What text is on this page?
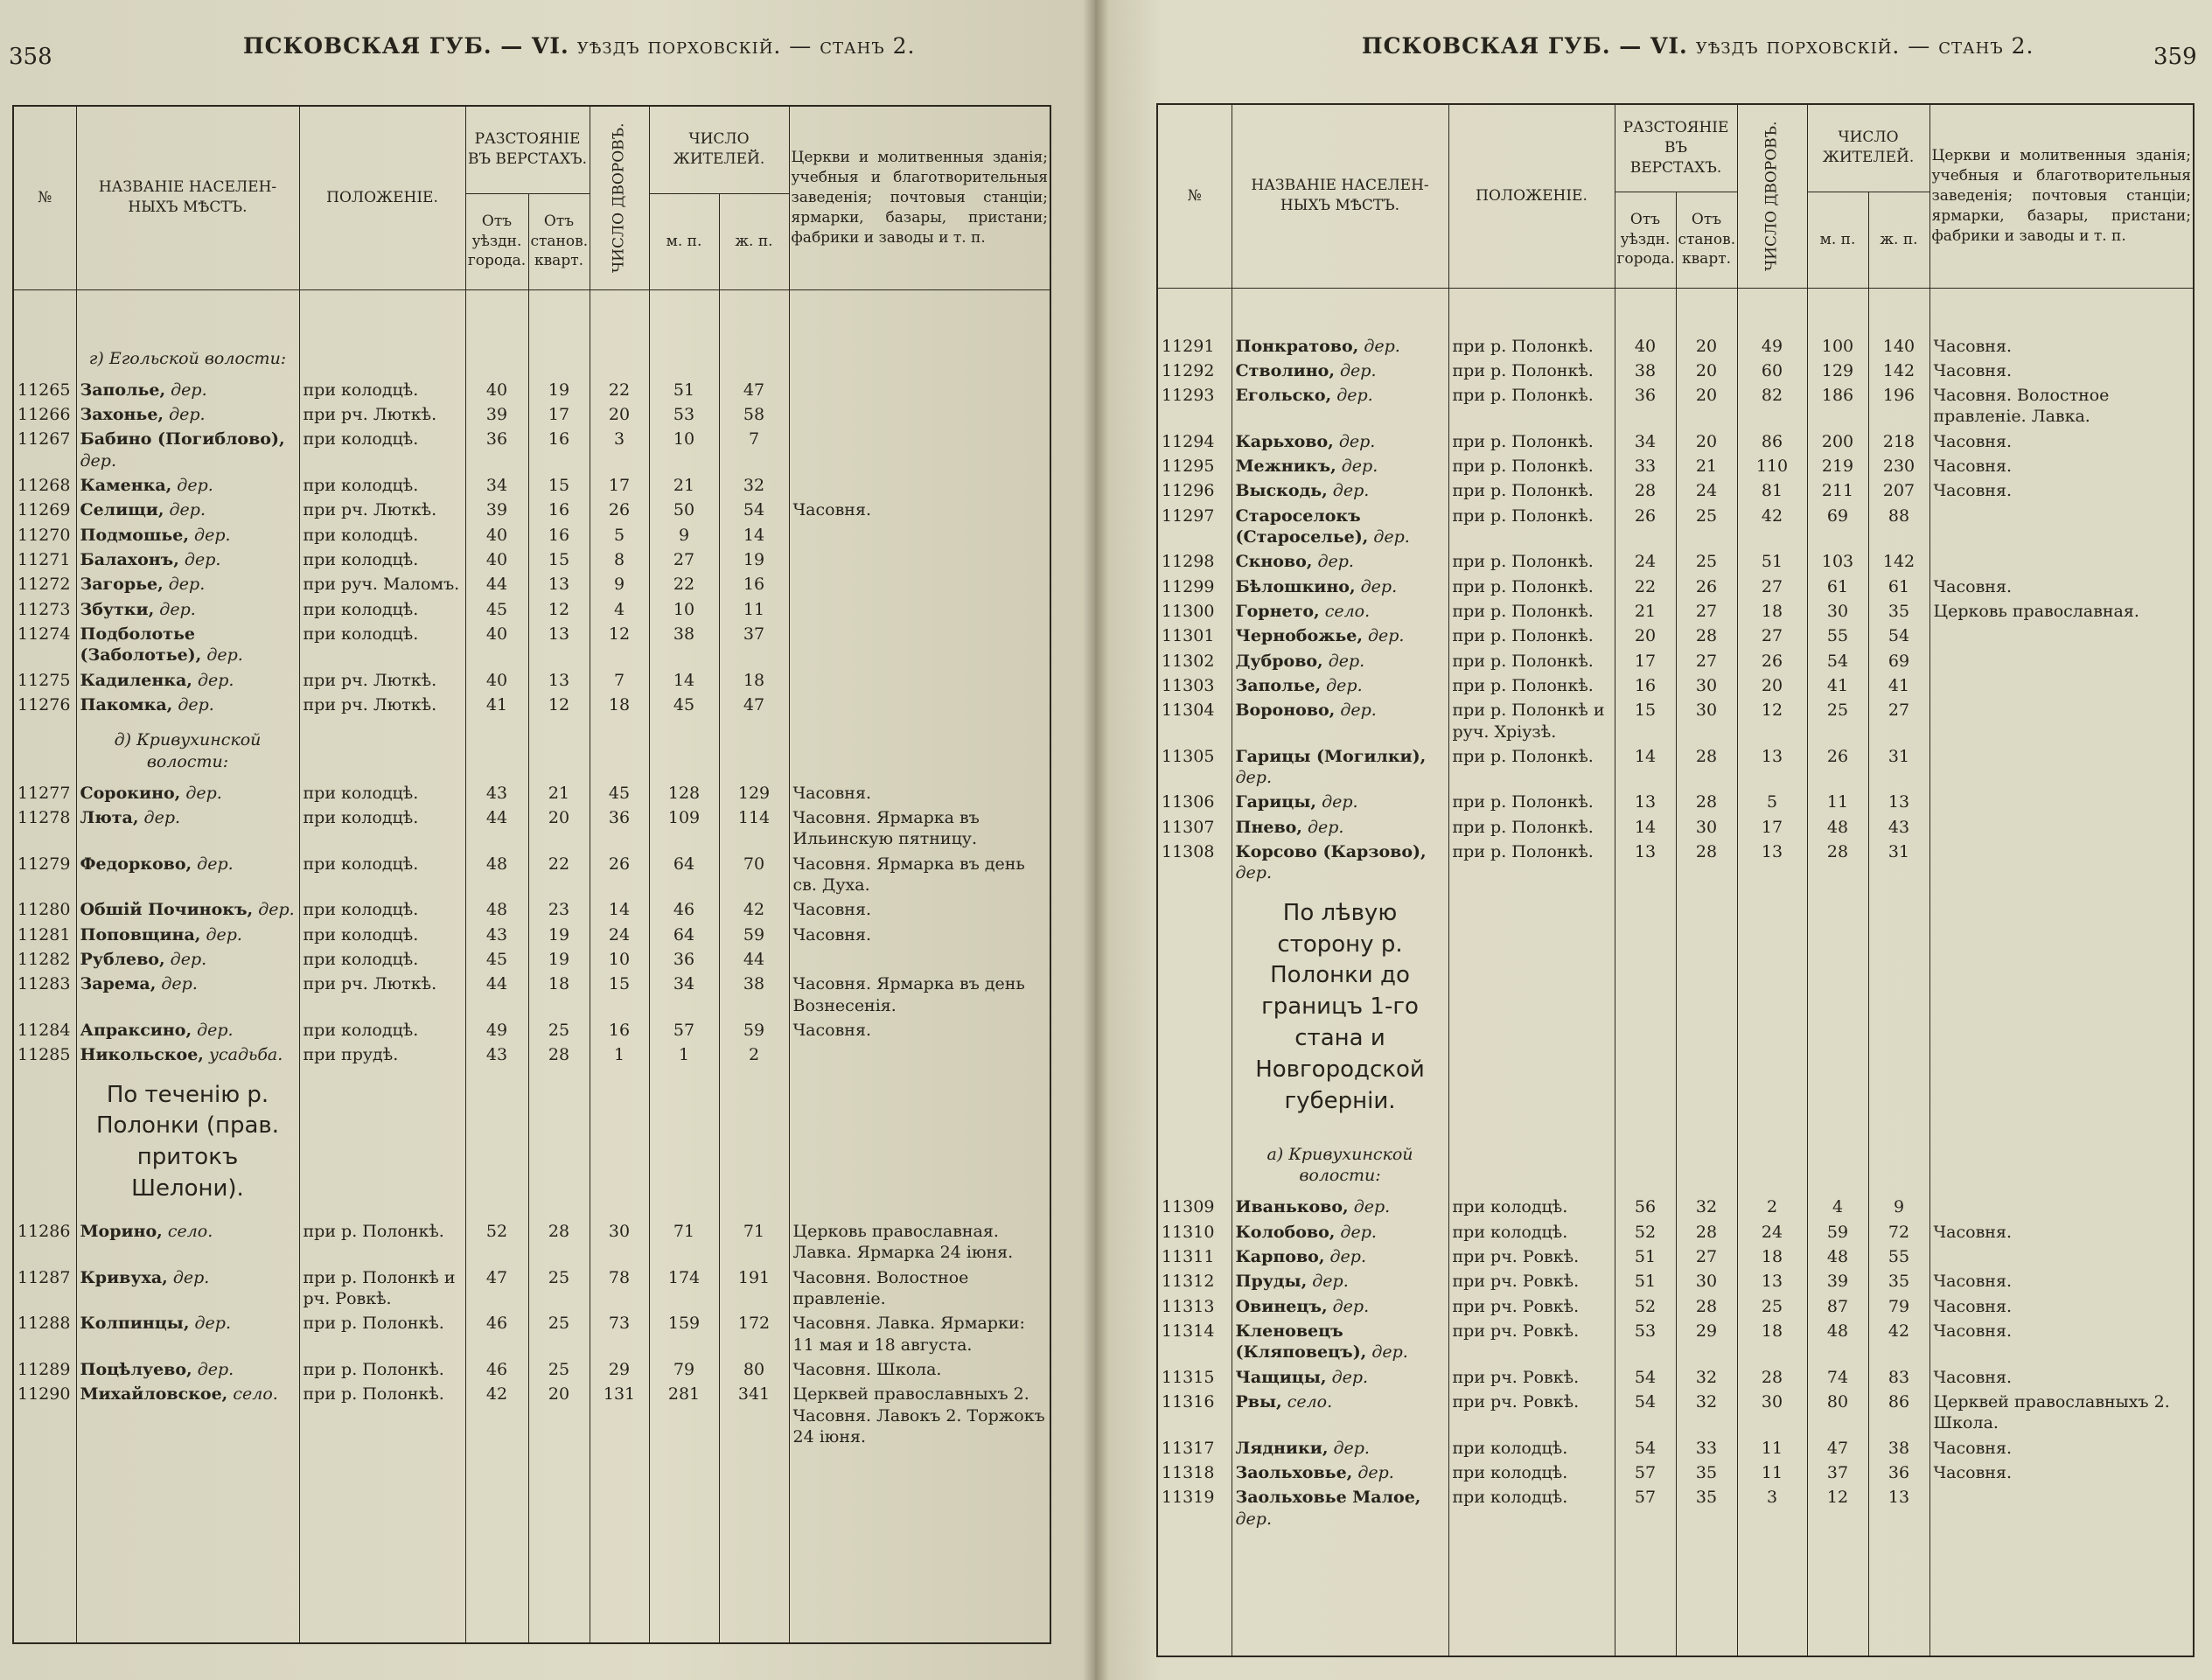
358	ПСКОВСКАЯ ГУБ. — VI. уѣздъ порховскій. — станъ 2.
№	НАЗВАНІЕ НАСЕЛЕН- НЫХЪ МѢСТЪ.	ПОЛОЖЕНІЕ.	РАЗСТОЯНІЕ ВЪ ВЕРСТАХЪ.		ЧИСЛО ДВОРОВЪ.	ЧИСЛО ЖИТЕЛЕЙ.		Церкви и молитвенныя зданія; учебныя и благотворительныя заведенія; почтовыя станціи; ярмарки, базары, пристани; фабрики и заводы и т. п.
			Отъ уѣздн. города.	Отъ станов. кварт.		м. п.	ж. п.	

	г) Егольской волости:							
11265	Заполье, дер.	при колодцѣ.	40	19	22	51	47	
11266	Захонье, дер.	при рч. Люткѣ.	39	17	20	53	58	
11267	Бабино (Погиблово), дер.	при колодцѣ.	36	16	3	10	7	
11268	Каменка, дер.	при колодцѣ.	34	15	17	21	32	
11269	Селищи, дер.	при рч. Люткѣ.	39	16	26	50	54	Часовня.
11270	Подмошье, дер.	при колодцѣ.	40	16	5	9	14	
11271	Балахонъ, дер.	при колодцѣ.	40	15	8	27	19	
11272	Загорье, дер.	при руч. Маломъ.	44	13	9	22	16	
11273	Збутки, дер.	при колодцѣ.	45	12	4	10	11	
11274	Подболотье (Заболотье), дер.	при колодцѣ.	40	13	12	38	37	
11275	Кадиленка, дер.	при рч. Люткѣ.	40	13	7	14	18	
11276	Пакомка, дер.	при рч. Люткѣ.	41	12	18	45	47	
	д) Кривухинской волости:							
11277	Сорокино, дер.	при колодцѣ.	43	21	45	128	129	Часовня.
11278	Люта, дер.	при колодцѣ.	44	20	36	109	114	Часовня. Ярмарка въ Ильинскую пятницу.
11279	Федорково, дер.	при колодцѣ.	48	22	26	64	70	Часовня. Ярмарка въ день св. Духа.
11280	Обшій Починокъ, дер.	при колодцѣ.	48	23	14	46	42	Часовня.
11281	Поповщина, дер.	при колодцѣ.	43	19	24	64	59	Часовня.
11282	Рублево, дер.	при колодцѣ.	45	19	10	36	44	
11283	Зарема, дер.	при рч. Люткѣ.	44	18	15	34	38	Часовня. Ярмарка въ день Вознесенія.
11284	Апраксино, дер.	при колодцѣ.	49	25	16	57	59	Часовня.
11285	Никольское, усадьба.	при прудѣ.	43	28	1	1	2	
	По теченію р. Полонки (прав. притокъ Шелони).							
11286	Морино, село.	при р. Полонкѣ.	52	28	30	71	71	Церковь православная. Лавка. Ярмарка 24 іюня.
11287	Кривуха, дер.	при р. Полонкѣ и рч. Ровкѣ.	47	25	78	174	191	Часовня. Волостное правленіе.
11288	Колпинцы, дер.	при р. Полонкѣ.	46	25	73	159	172	Часовня. Лавка. Ярмарки: 11 мая и 18 августа.
11289	Поцѣлуево, дер.	при р. Полонкѣ.	46	25	29	79	80	Часовня. Школа.
11290	Михайловское, село.	при р. Полонкѣ.	42	20	131	281	341	Церквей православныхъ 2. Часовня. Лавокъ 2. Торжокъ 24 іюня.

359
ПСКОВСКАЯ ГУБ. — VI. уѣздъ порховскій. — станъ 2.
№	НАЗВАНІЕ НАСЕЛЕН- НЫХЪ МѢСТЪ.	ПОЛОЖЕНІЕ.	РАЗСТОЯНІЕ ВЪ ВЕРСТАХЪ.		ЧИСЛО ДВОРОВЪ.	ЧИСЛО ЖИТЕЛЕЙ.		Церкви и молитвенныя зданія; учебныя и благотворительныя заведенія; почтовыя станціи; ярмарки, базары, пристани; фабрики и заводы и т. п.
			Отъ уѣздн. города.	Отъ станов. кварт.		м. п.	ж. п.	

11291	Понкратово, дер.	при р. Полонкѣ.	40	20	49	100	140	Часовня.
11292	Стволино, дер.	при р. Полонкѣ.	38	20	60	129	142	Часовня.
11293	Егольско, дер.	при р. Полонкѣ.	36	20	82	186	196	Часовня. Волостное правленіе. Лавка.
11294	Карьхово, дер.	при р. Полонкѣ.	34	20	86	200	218	Часовня.
11295	Межникъ, дер.	при р. Полонкѣ.	33	21	110	219	230	Часовня.
11296	Выскодь, дер.	при р. Полонкѣ.	28	24	81	211	207	Часовня.
11297	Староселокъ (Староселье), дер.	при р. Полонкѣ.	26	25	42	69	88	
11298	Скново, дер.	при р. Полонкѣ.	24	25	51	103	142	
11299	Бѣлошкино, дер.	при р. Полонкѣ.	22	26	27	61	61	Часовня.
11300	Горнето, село.	при р. Полонкѣ.	21	27	18	30	35	Церковь православная.
11301	Чернобожье, дер.	при р. Полонкѣ.	20	28	27	55	54	
11302	Дуброво, дер.	при р. Полонкѣ.	17	27	26	54	69	
11303	Заполье, дер.	при р. Полонкѣ.	16	30	20	41	41	
11304	Вороново, дер.	при р. Полонкѣ и руч. Хрiузѣ.	15	30	12	25	27	
11305	Гарицы (Могилки), дер.	при р. Полонкѣ.	14	28	13	26	31	
11306	Гарицы, дер.	при р. Полонкѣ.	13	28	5	11	13	
11307	Пнево, дер.	при р. Полонкѣ.	14	30	17	48	43	
11308	Корсово (Карзово), дер.	при р. Полонкѣ.	13	28	13	28	31	
	По лѣвую сторону р. Полонки до границъ 1-го стана и Новгородской губерніи.							
	а) Кривухинской волости:							
11309	Иванькoво, дер.	при колодцѣ.	56	32	2	4	9	
11310	Колобово, дер.	при колодцѣ.	52	28	24	59	72	Часовня.
11311	Карпово, дер.	при рч. Ровкѣ.	51	27	18	48	55	
11312	Пруды, дер.	при рч. Ровкѣ.	51	30	13	39	35	Часовня.
11313	Овинецъ, дер.	при рч. Ровкѣ.	52	28	25	87	79	Часовня.
11314	Кленовецъ (Кляповецъ), дер.	при рч. Ровкѣ.	53	29	18	48	42	Часовня.
11315	Чащицы, дер.	при рч. Ровкѣ.	54	32	28	74	83	Часовня.
11316	Рвы, село.	при рч. Ровкѣ.	54	32	30	80	86	Церквей православныхъ 2. Школа.
11317	Лядники, дер.	при колодцѣ.	54	33	11	47	38	Часовня.
11318	Заольховье, дер.	при колодцѣ.	57	35	11	37	36	Часовня.
11319	Заольховье Малое, дер.	при колодцѣ.	57	35	3	12	13	
